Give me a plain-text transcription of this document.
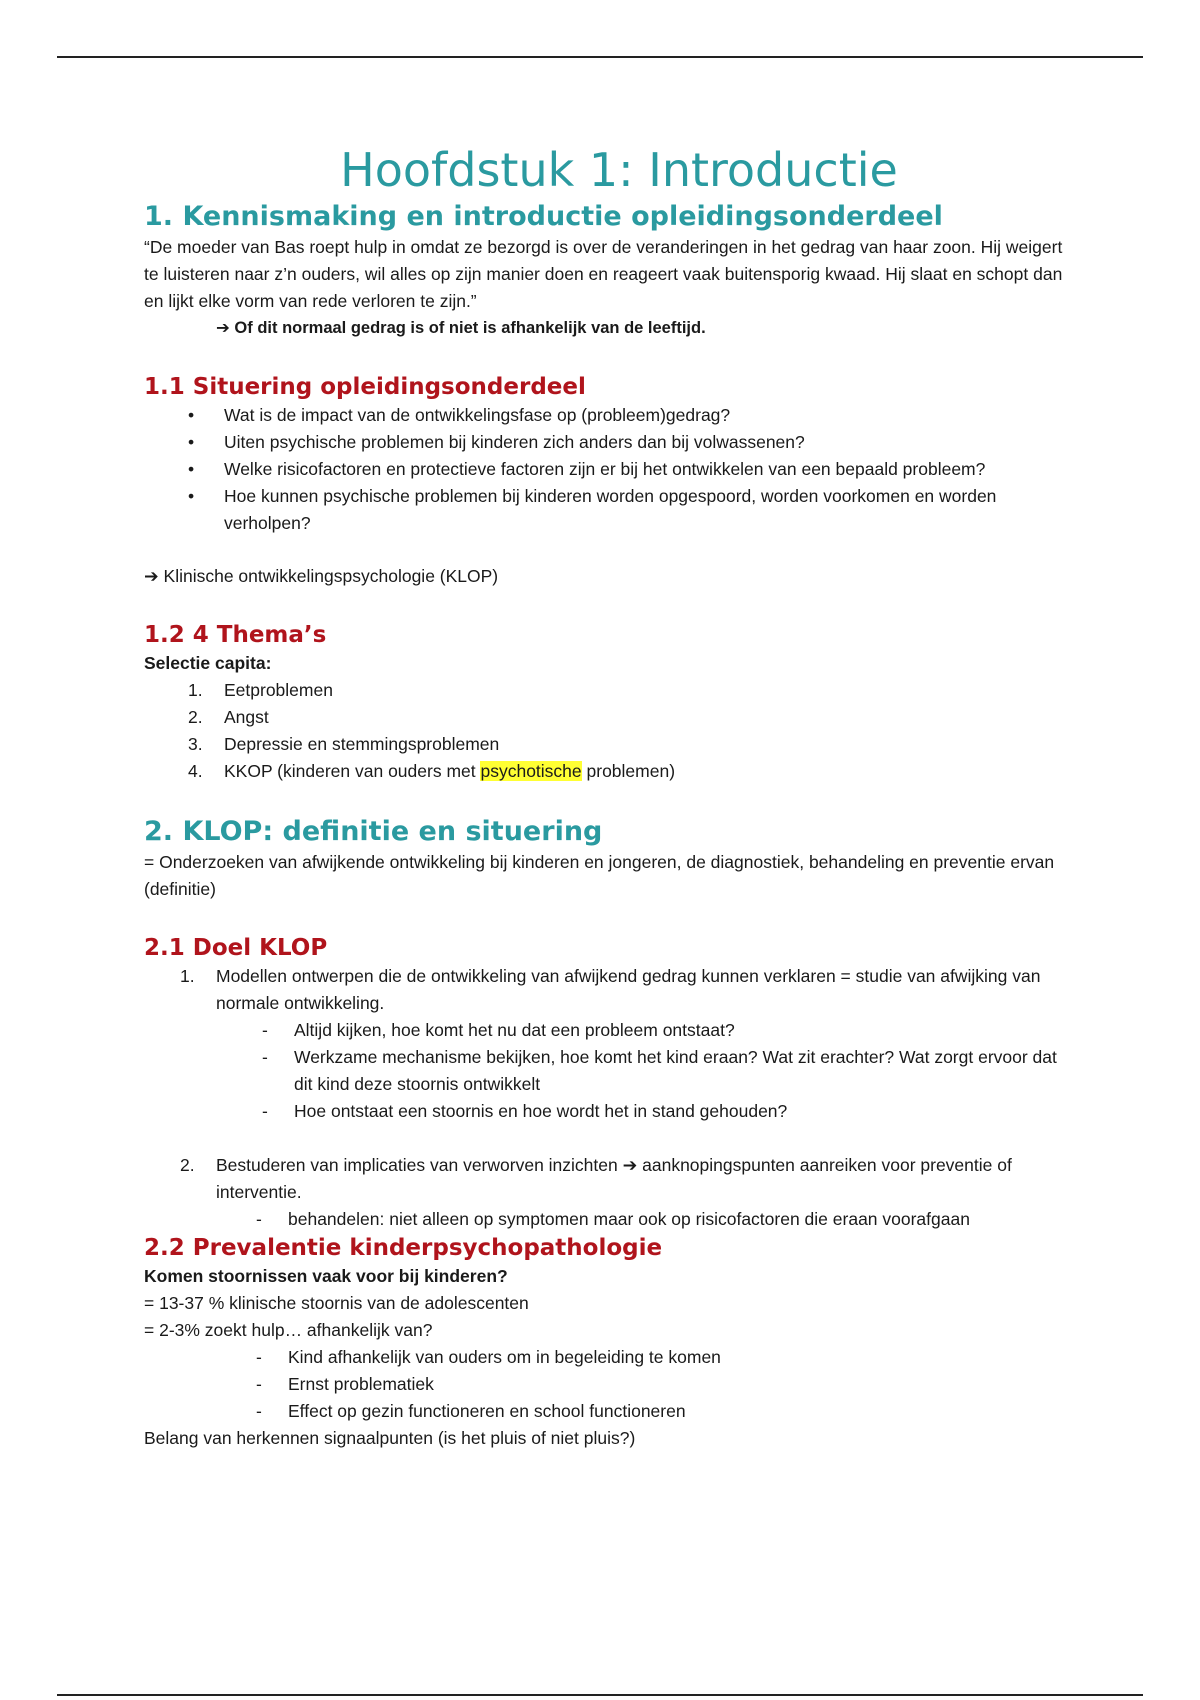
Hoofdstuk 1: Introductie
1. Kennismaking en introductie opleidingsonderdeel

“De moeder van Bas roept hulp in omdat ze bezorgd is over de veranderingen in het gedrag van haar zoon. Hij weigert te luisteren naar z’n ouders, wil alles op zijn manier doen en reageert vaak buitensporig kwaad. Hij slaat en schopt dan en lijkt elke vorm van rede verloren te zijn.”

➔ Of dit normaal gedrag is of niet is afhankelijk van de leeftijd.

1.1 Situering opleidingsonderdeel
• Wat is de impact van de ontwikkelingsfase op (probleem)gedrag?
• Uiten psychische problemen bij kinderen zich anders dan bij volwassenen?
• Welke risicofactoren en protectieve factoren zijn er bij het ontwikkelen van een bepaald probleem?
• Hoe kunnen psychische problemen bij kinderen worden opgespoord, worden voorkomen en worden verholpen?

➔ Klinische ontwikkelingspsychologie (KLOP)

1.2 4 Thema’s

Selectie capita:

1. Eetproblemen
2. Angst
3. Depressie en stemmingsproblemen
4. KKOP (kinderen van ouders met psychotische problemen)
2. KLOP: definitie en situering

= Onderzoeken van afwijkende ontwikkeling bij kinderen en jongeren, de diagnostiek, behandeling en preventie ervan (definitie)

2.1 Doel KLOP
1. Modellen ontwerpen die de ontwikkeling van afwijkend gedrag kunnen verklaren = studie van afwijking van normale ontwikkeling.
- Altijd kijken, hoe komt het nu dat een probleem ontstaat?
- Werkzame mechanisme bekijken, hoe komt het kind eraan? Wat zit erachter? Wat zorgt ervoor dat dit kind deze stoornis ontwikkelt
- Hoe ontstaat een stoornis en hoe wordt het in stand gehouden?
2. Bestuderen van implicaties van verworven inzichten ➔ aanknopingspunten aanreiken voor preventie of interventie.
- behandelen: niet alleen op symptomen maar ook op risicofactoren die eraan voorafgaan
2.2 Prevalentie kinderpsychopathologie

Komen stoornissen vaak voor bij kinderen?

= 13-37 % klinische stoornis van de adolescenten

= 2-3% zoekt hulp… afhankelijk van?

- Kind afhankelijk van ouders om in begeleiding te komen
- Ernst problematiek
- Effect op gezin functioneren en school functioneren

Belang van herkennen signaalpunten (is het pluis of niet pluis?)
